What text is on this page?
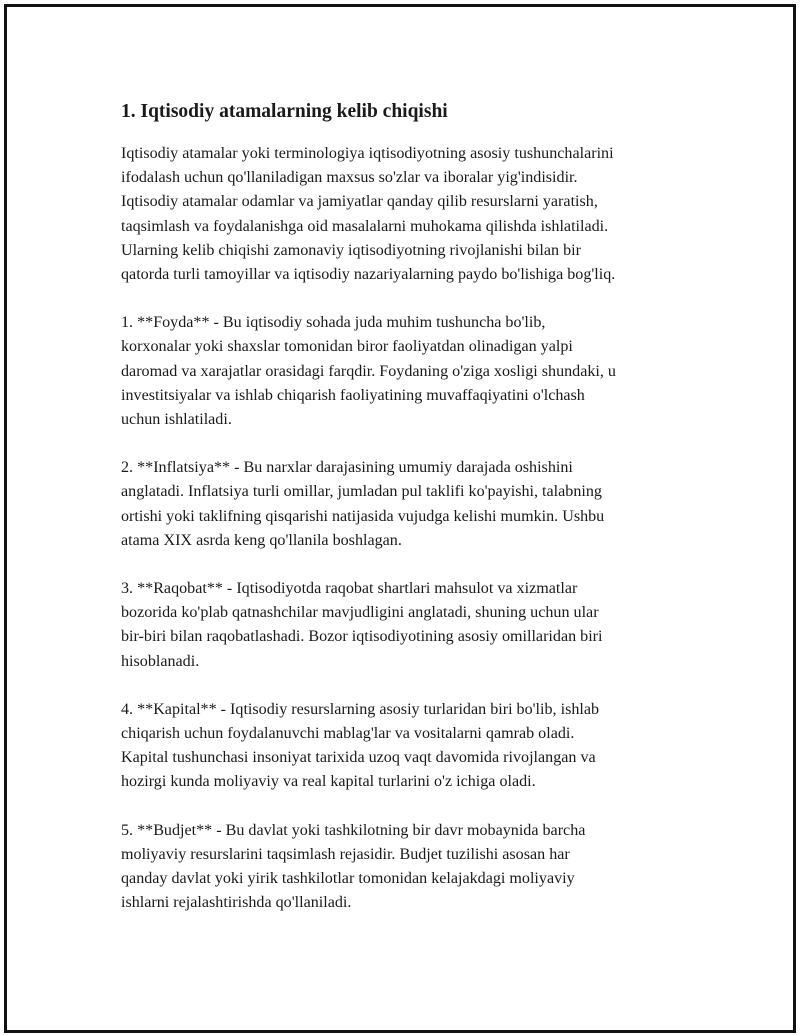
1. Iqtisodiy atamalarning kelib chiqishi

Iqtisodiy atamalar yoki terminologiya iqtisodiyotning asosiy tushunchalarini
ifodalash uchun qo'llaniladigan maxsus so'zlar va iboralar yig'indisidir.
Iqtisodiy atamalar odamlar va jamiyatlar qanday qilib resurslarni yaratish,
taqsimlash va foydalanishga oid masalalarni muhokama qilishda ishlatiladi.
Ularning kelib chiqishi zamonaviy iqtisodiyotning rivojlanishi bilan bir
qatorda turli tamoyillar va iqtisodiy nazariyalarning paydo bo'lishiga bog'liq.

1. **Foyda** - Bu iqtisodiy sohada juda muhim tushuncha bo'lib,
korxonalar yoki shaxslar tomonidan biror faoliyatdan olinadigan yalpi
daromad va xarajatlar orasidagi farqdir. Foydaning o'ziga xosligi shundaki, u
investitsiyalar va ishlab chiqarish faoliyatining muvaffaqiyatini o'lchash
uchun ishlatiladi.

2. **Inflatsiya** - Bu narxlar darajasining umumiy darajada oshishini
anglatadi. Inflatsiya turli omillar, jumladan pul taklifi ko'payishi, talabning
ortishi yoki taklifning qisqarishi natijasida vujudga kelishi mumkin. Ushbu
atama XIX asrda keng qo'llanila boshlagan.

3. **Raqobat** - Iqtisodiyotda raqobat shartlari mahsulot va xizmatlar
bozorida ko'plab qatnashchilar mavjudligini anglatadi, shuning uchun ular
bir-biri bilan raqobatlashadi. Bozor iqtisodiyotining asosiy omillaridan biri
hisoblanadi.

4. **Kapital** - Iqtisodiy resurslarning asosiy turlaridan biri bo'lib, ishlab
chiqarish uchun foydalanuvchi mablag'lar va vositalarni qamrab oladi.
Kapital tushunchasi insoniyat tarixida uzoq vaqt davomida rivojlangan va
hozirgi kunda moliyaviy va real kapital turlarini o'z ichiga oladi.

5. **Budjet** - Bu davlat yoki tashkilotning bir davr mobaynida barcha
moliyaviy resurslarini taqsimlash rejasidir. Budjet tuzilishi asosan har
qanday davlat yoki yirik tashkilotlar tomonidan kelajakdagi moliyaviy
ishlarni rejalashtirishda qo'llaniladi.
